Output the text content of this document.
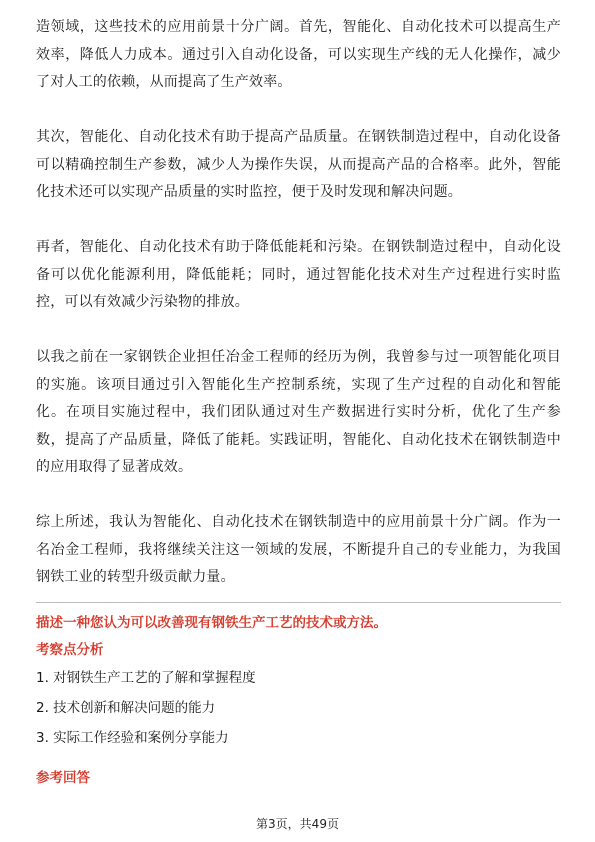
造领域，这些技术的应用前景十分广阔。首先，智能化、自动化技术可以提高生产效率，降低人力成本。通过引入自动化设备，可以实现生产线的无人化操作，减少了对人工的依赖，从而提高了生产效率。

其次，智能化、自动化技术有助于提高产品质量。在钢铁制造过程中，自动化设备可以精确控制生产参数，减少人为操作失误，从而提高产品的合格率。此外，智能化技术还可以实现产品质量的实时监控，便于及时发现和解决问题。

再者，智能化、自动化技术有助于降低能耗和污染。在钢铁制造过程中，自动化设备可以优化能源利用，降低能耗；同时，通过智能化技术对生产过程进行实时监控，可以有效减少污染物的排放。

以我之前在一家钢铁企业担任冶金工程师的经历为例，我曾参与过一项智能化项目的实施。该项目通过引入智能化生产控制系统，实现了生产过程的自动化和智能化。在项目实施过程中，我们团队通过对生产数据进行实时分析，优化了生产参数，提高了产品质量，降低了能耗。实践证明，智能化、自动化技术在钢铁制造中的应用取得了显著成效。

综上所述，我认为智能化、自动化技术在钢铁制造中的应用前景十分广阔。作为一名冶金工程师，我将继续关注这一领域的发展，不断提升自己的专业能力，为我国钢铁工业的转型升级贡献力量。

描述一种您认为可以改善现有钢铁生产工艺的技术或方法。

考察点分析

1. 对钢铁生产工艺的了解和掌握程度

2. 技术创新和解决问题的能力

3. 实际工作经验和案例分享能力

参考回答

第3页，共49页
